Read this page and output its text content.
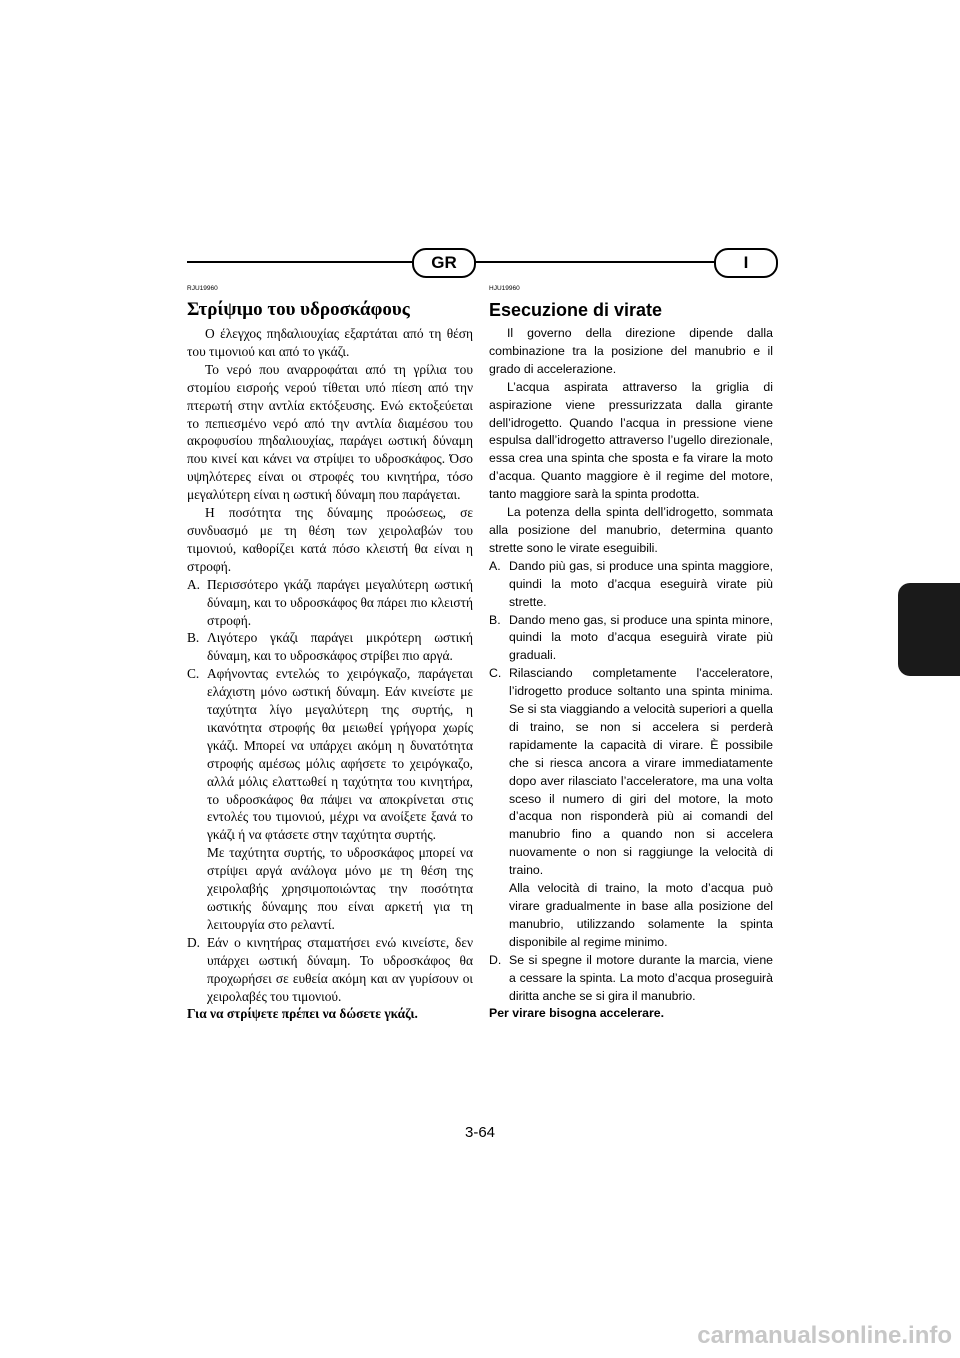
GR	I
RJU19960
Στρίψιμο του υδροσκάφους

Ο έλεγχος πηδαλιουχίας εξαρτάται από τη θέση του τιμονιού και από το γκάζι.

Το νερό που αναρροφάται από τη γρίλια του στομίου εισροής νερού τίθεται υπό πίεση από την πτερωτή στην αντλία εκτόξευσης. Ενώ εκτοξεύεται το πεπιεσμένο νερό από την αντλία διαμέσου του ακροφυσίου πηδαλιουχίας, παράγει ωστική δύναμη που κινεί και κάνει να στρίψει το υδροσκάφος. Όσο υψηλότερες είναι οι στροφές του κινητήρα, τόσο μεγαλύτερη είναι η ωστική δύναμη που παράγεται.

Η ποσότητα της δύναμης προώσεως, σε συνδυασμό με τη θέση των χειρολαβών του τιμονιού, καθορίζει κατά πόσο κλειστή θα είναι η στροφή.

A. Περισσότερο γκάζι παράγει μεγαλύτερη ωστική δύναμη, και το υδροσκάφος θα πάρει πιο κλειστή στροφή.
B. Λιγότερο γκάζι παράγει μικρότερη ωστική δύναμη, και το υδροσκάφος στρίβει πιο αργά.
C. Αφήνοντας εντελώς το χειρόγκαζο, παράγεται ελάχιστη μόνο ωστική δύναμη. Εάν κινείστε με ταχύτητα λίγο μεγαλύτερη της συρτής, η ικανότητα στροφής θα μειωθεί γρήγορα χωρίς γκάζι. Μπορεί να υπάρχει ακόμη η δυνατότητα στροφής αμέσως μόλις αφήσετε το χειρόγκαζο, αλλά μόλις ελαττωθεί η ταχύτητα του κινητήρα, το υδροσκάφος θα πάψει να αποκρίνεται στις εντολές του τιμονιού, μέχρι να ανοίξετε ξανά το γκάζι ή να φτάσετε στην ταχύτητα συρτής.

Με ταχύτητα συρτής, το υδροσκάφος μπορεί να στρίψει αργά ανάλογα μόνο με τη θέση της χειρολαβής χρησιμοποιώντας την ποσότητα ωστικής δύναμης που είναι αρκετή για τη λειτουργία στο ρελαντί.

D. Εάν ο κινητήρας σταματήσει ενώ κινείστε, δεν υπάρχει ωστική δύναμη. Το υδροσκάφος θα προχωρήσει σε ευθεία ακόμη και αν γυρίσουν οι χειρολαβές του τιμονιού.

Για να στρίψετε πρέπει να δώσετε γκάζι.

HJU19960
Esecuzione di virate

Il governo della direzione dipende dalla combinazione tra la posizione del manubrio e il grado di accelerazione.

L’acqua aspirata attraverso la griglia di aspirazione viene pressurizzata dalla girante dell’idrogetto. Quando l’acqua in pressione viene espulsa dall’idrogetto attraverso l’ugello direzionale, essa crea una spinta che sposta e fa virare la moto d’acqua. Quanto maggiore è il regime del motore, tanto maggiore sarà la spinta prodotta.

La potenza della spinta dell’idrogetto, sommata alla posizione del manubrio, determina quanto strette sono le virate eseguibili.

A. Dando più gas, si produce una spinta maggiore, quindi la moto d’acqua eseguirà virate più strette.
B. Dando meno gas, si produce una spinta minore, quindi la moto d’acqua eseguirà virate più graduali.
C. Rilasciando completamente l’acceleratore, l’idrogetto produce soltanto una spinta minima. Se si sta viaggiando a velocità superiori a quella di traino, se non si accelera si perderà rapidamente la capacità di virare. È possibile che si riesca ancora a virare immediatamente dopo aver rilasciato l’acceleratore, ma una volta sceso il numero di giri del motore, la moto d’acqua non risponderà più ai comandi del manubrio fino a quando non si accelera nuovamente o non si raggiunge la velocità di traino.

Alla velocità di traino, la moto d’acqua può virare gradualmente in base alla posizione del manubrio, utilizzando solamente la spinta disponibile al regime minimo.

D. Se si spegne il motore durante la marcia, viene a cessare la spinta. La moto d’acqua proseguirà diritta anche se si gira il manubrio.

Per virare bisogna accelerare.

3-64
carmanualsonline.info
